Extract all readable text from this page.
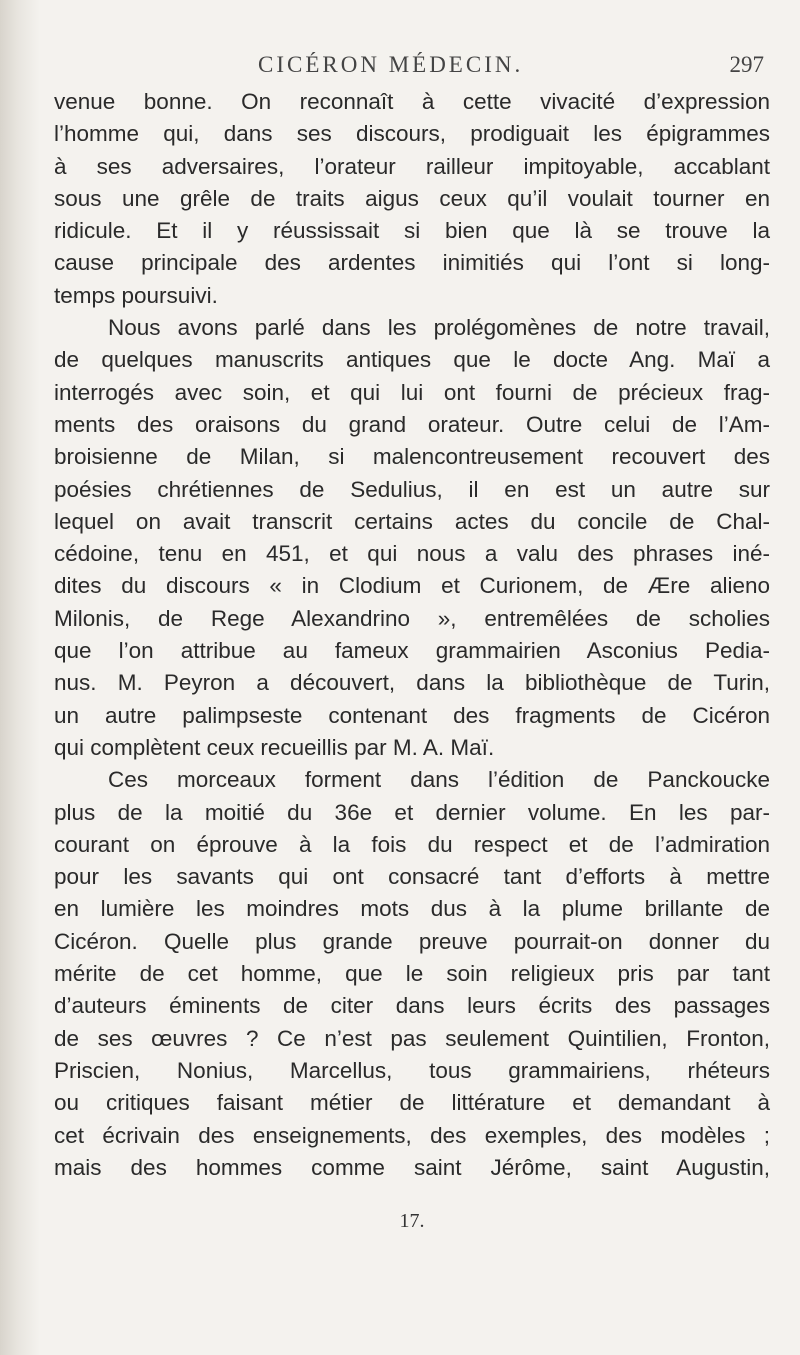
CICÉRON MÉDECIN.	297
venue bonne. On reconnaît à cette vivacité d’expression
l’homme qui, dans ses discours, prodiguait les épigrammes
à ses adversaires, l’orateur railleur impitoyable, accablant
sous une grêle de traits aigus ceux qu’il voulait tourner en
ridicule. Et il y réussissait si bien que là se trouve la
cause principale des ardentes inimitiés qui l’ont si long-
temps poursuivi.
Nous avons parlé dans les prolégomènes de notre travail,
de quelques manuscrits antiques que le docte Ang. Maï a
interrogés avec soin, et qui lui ont fourni de précieux frag-
ments des oraisons du grand orateur. Outre celui de l’Am-
broisienne de Milan, si malencontreusement recouvert des
poésies chrétiennes de Sedulius, il en est un autre sur
lequel on avait transcrit certains actes du concile de Chal-
cédoine, tenu en 451, et qui nous a valu des phrases iné-
dites du discours « in Clodium et Curionem, de Ære alieno
Milonis, de Rege Alexandrino », entremêlées de scholies
que l’on attribue au fameux grammairien Asconius Pedia-
nus. M. Peyron a découvert, dans la bibliothèque de Turin,
un autre palimpseste contenant des fragments de Cicéron
qui complètent ceux recueillis par M. A. Maï.
Ces morceaux forment dans l’édition de Panckoucke
plus de la moitié du 36e et dernier volume. En les par-
courant on éprouve à la fois du respect et de l’admiration
pour les savants qui ont consacré tant d’efforts à mettre
en lumière les moindres mots dus à la plume brillante de
Cicéron. Quelle plus grande preuve pourrait-on donner du
mérite de cet homme, que le soin religieux pris par tant
d’auteurs éminents de citer dans leurs écrits des passages
de ses œuvres ? Ce n’est pas seulement Quintilien, Fronton,
Priscien, Nonius, Marcellus, tous grammairiens, rhéteurs
ou critiques faisant métier de littérature et demandant à
cet écrivain des enseignements, des exemples, des modèles ;
mais des hommes comme saint Jérôme, saint Augustin,
17.
